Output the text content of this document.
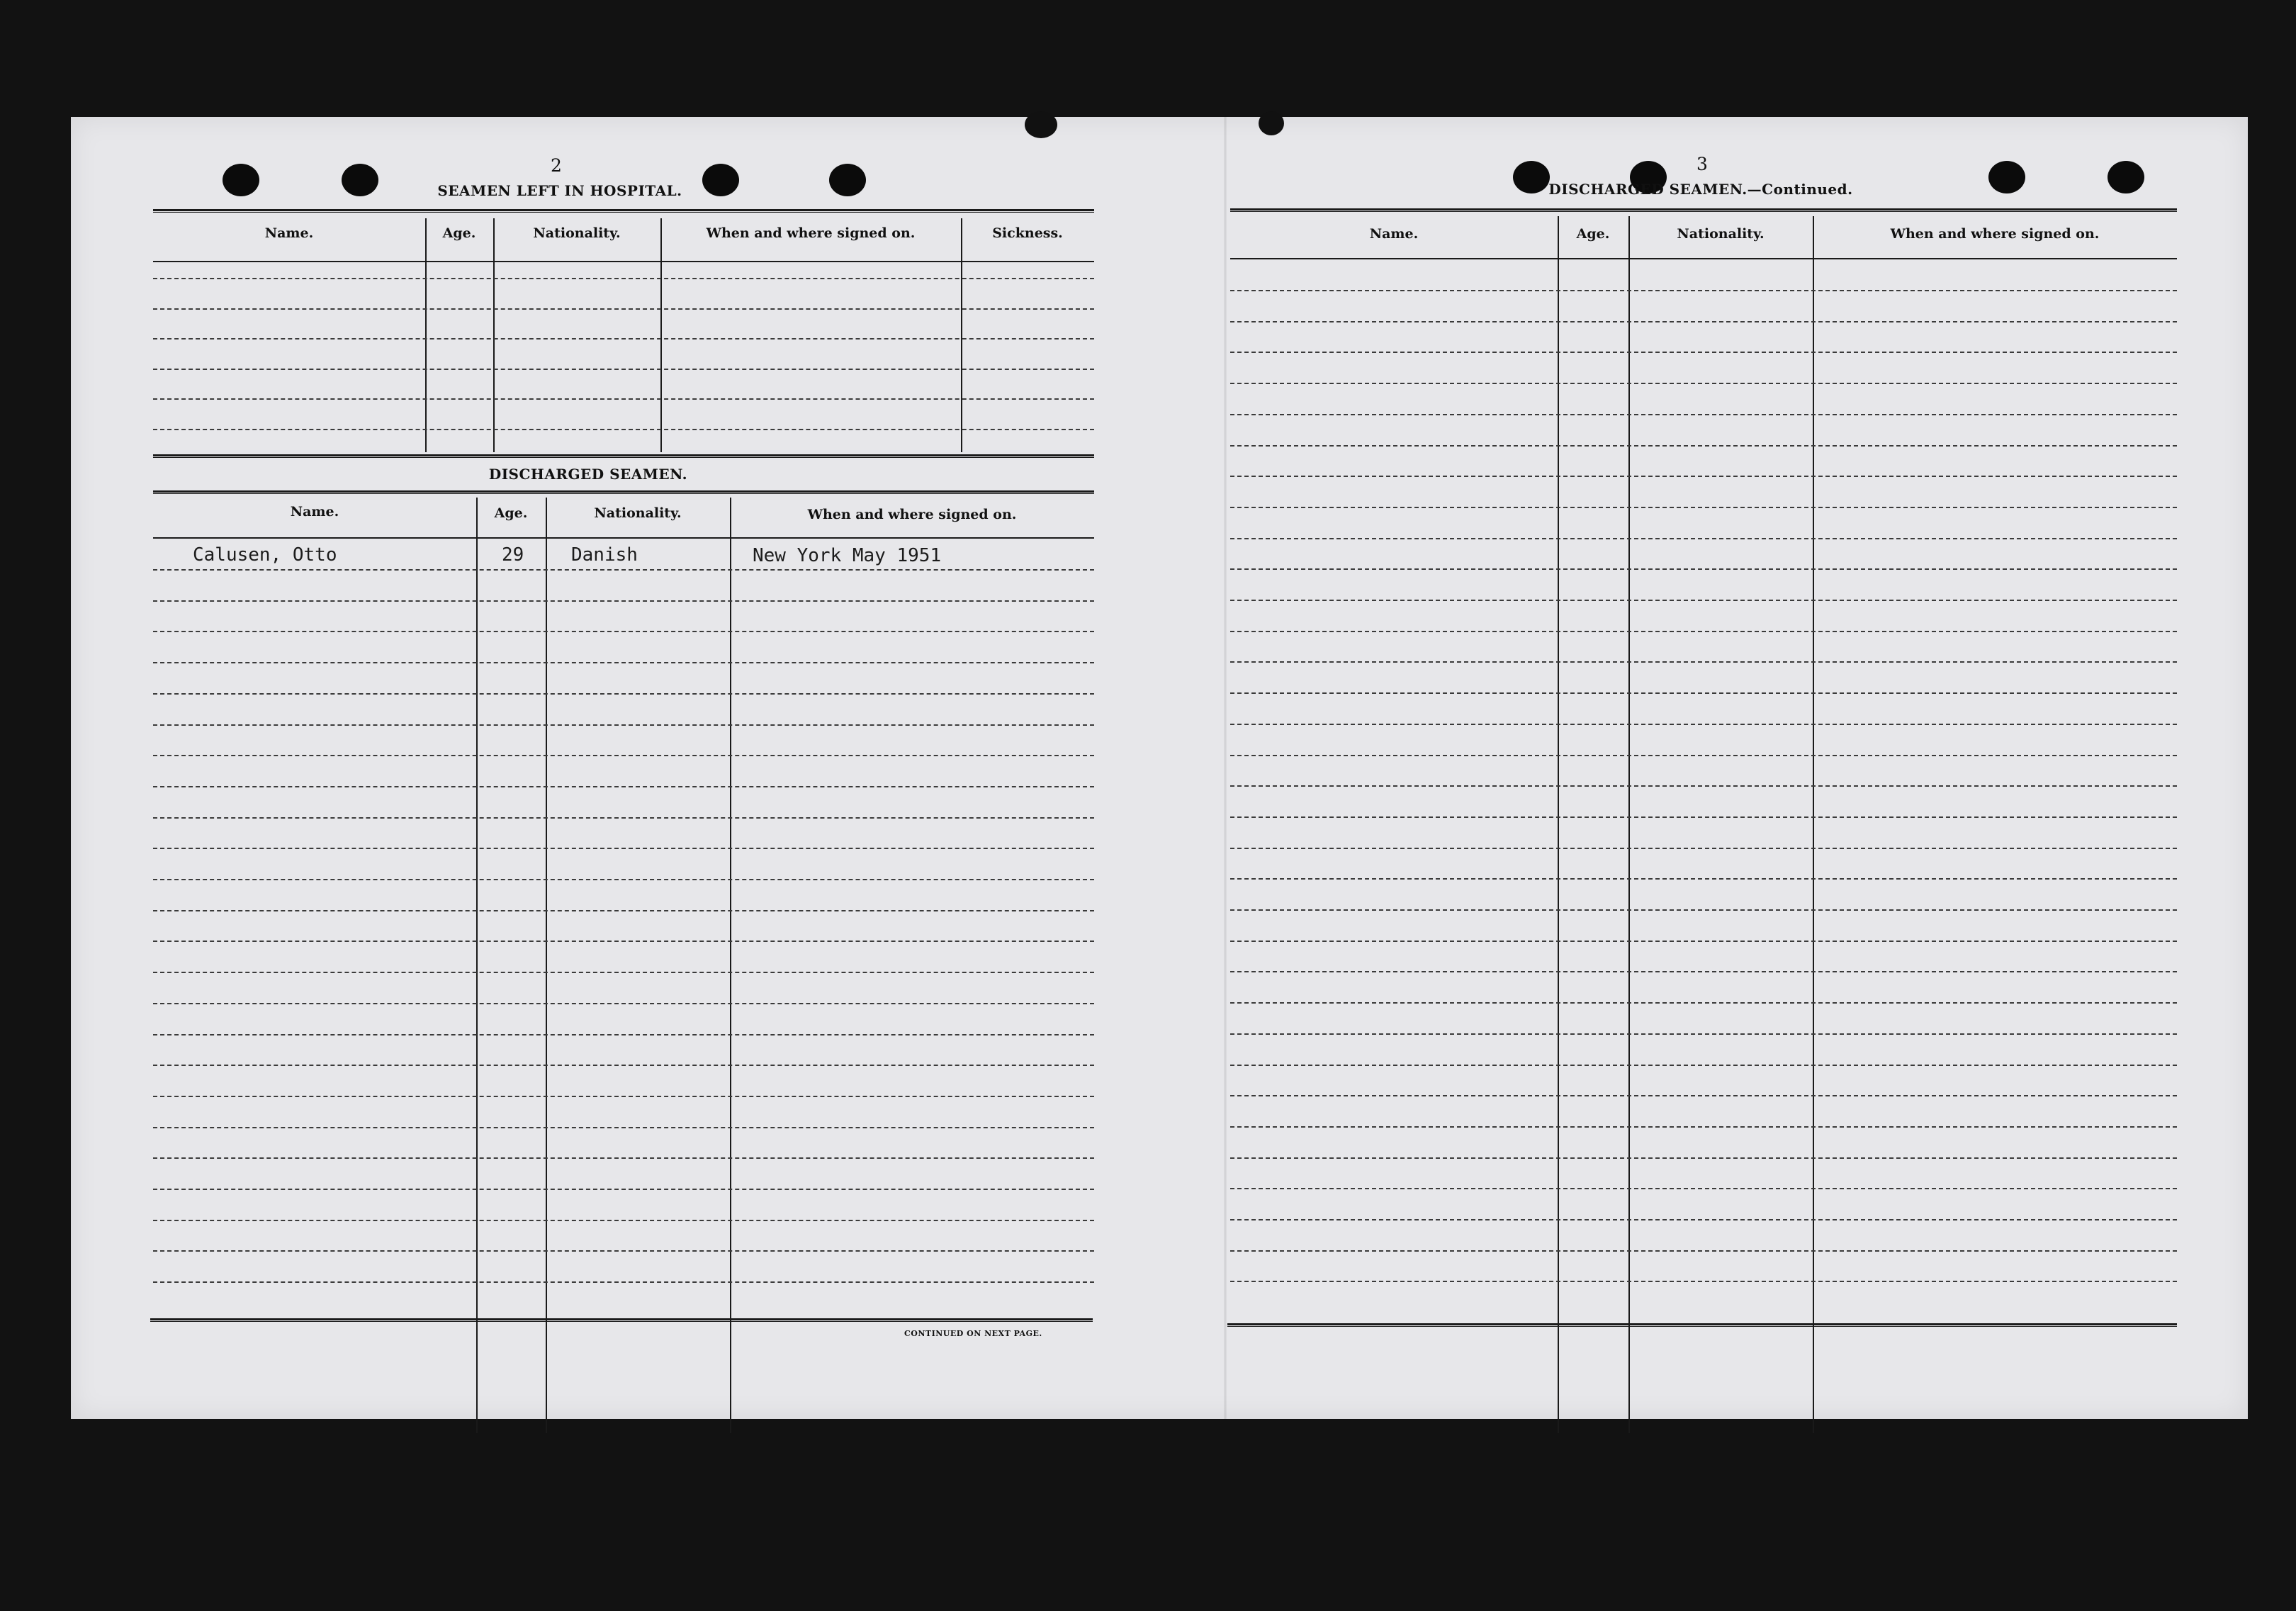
2
SEAMEN LEFT IN HOSPITAL.
Name.	Age.	Nationality.	When and where signed on.	Sickness.
DISCHARGED SEAMEN.
Name.	Age.	Nationality.	When and where signed on.
Calusen, Otto	29	Danish	New York May 1951
CONTINUED ON NEXT PAGE.
3
DISCHARGED SEAMEN.—Continued.
Name.	Age.	Nationality.	When and where signed on.
